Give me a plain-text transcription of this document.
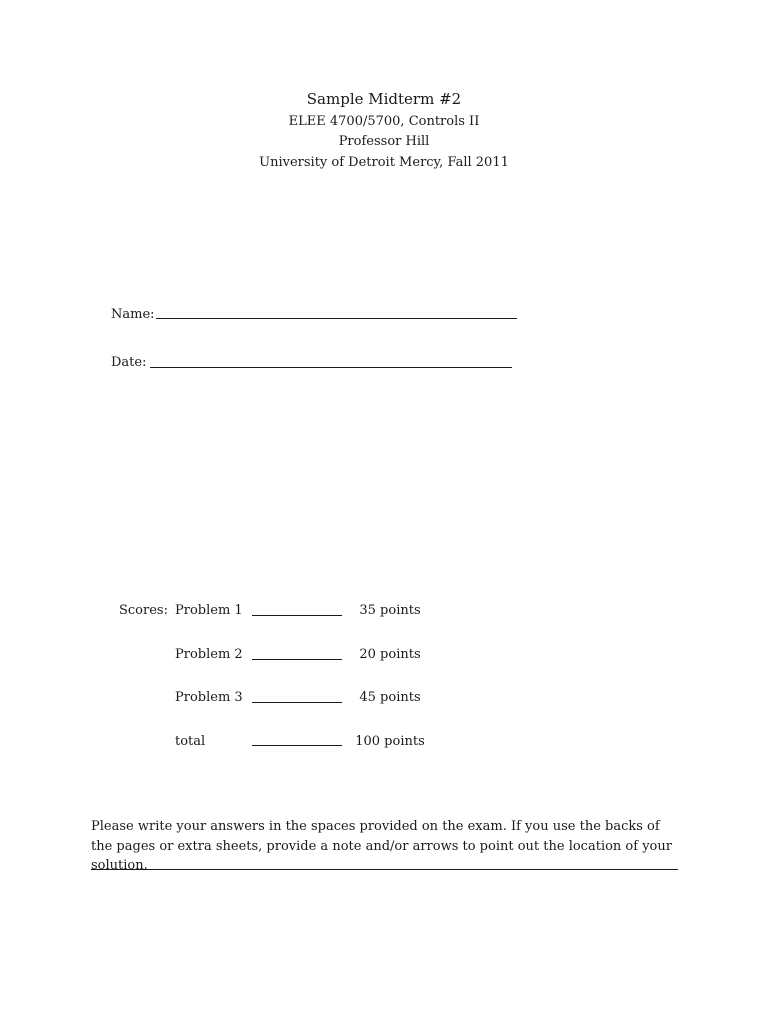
Sample Midterm #2
ELEE 4700/5700, Controls II
Professor Hill
University of Detroit Mercy, Fall 2011
Name:
Date:
Scores: Problem 1	35 points
Problem 2	20 points
Problem 3	45 points
total	100 points
Please write your answers in the spaces provided on the exam. If you use the backs of the pages or extra sheets, provide a note and/or arrows to point out the location of your solution.
